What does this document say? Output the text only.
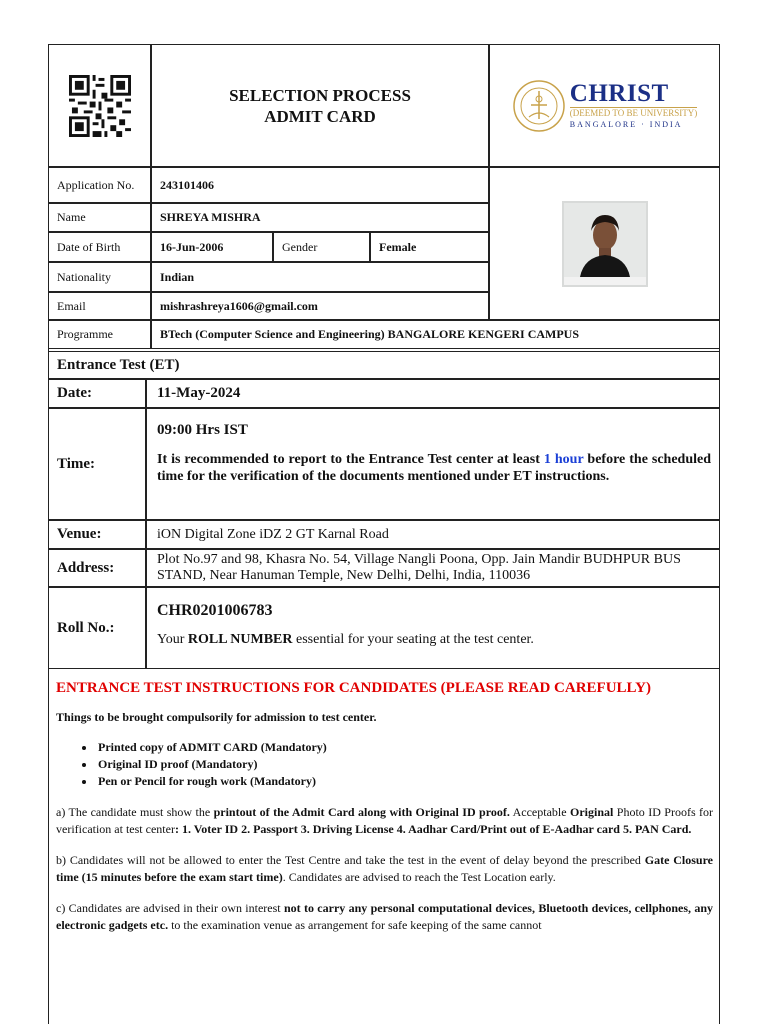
SELECTION PROCESS ADMIT CARD
CHRIST
(DEEMED TO BE UNIVERSITY)
BANGALORE · INDIA
Application No.	243101406
Name	SHREYA MISHRA
Date of Birth	16-Jun-2006	Gender	Female
Nationality	Indian
Email	mishrashreya1606@gmail.com
Programme	BTech (Computer Science and Engineering) BANGALORE KENGERI CAMPUS
Entrance Test (ET)
Date:	11-May-2024
Time:

09:00 Hrs IST

It is recommended to report to the Entrance Test center at least 1 hour before the scheduled time for the verification of the documents mentioned under ET instructions.

Venue:	iON Digital Zone iDZ 2 GT Karnal Road
Address:	Plot No.97 and 98, Khasra No. 54, Village Nangli Poona, Opp. Jain Mandir BUDHPUR BUS STAND, Near Hanuman Temple, New Delhi, Delhi, India, 110036

Roll No.:

CHR0201006783

Your ROLL NUMBER essential for your seating at the test center.

ENTRANCE TEST INSTRUCTIONS FOR CANDIDATES (PLEASE READ CAREFULLY)

Things to be brought compulsorily for admission to test center.

• Printed copy of ADMIT CARD (Mandatory)
• Original ID proof (Mandatory)
• Pen or Pencil for rough work (Mandatory)

a) The candidate must show the printout of the Admit Card along with Original ID proof. Acceptable Original Photo ID Proofs for verification at test center: 1. Voter ID 2. Passport 3. Driving License 4. Aadhar Card/Print out of E-Aadhar card 5. PAN Card.

b) Candidates will not be allowed to enter the Test Centre and take the test in the event of delay beyond the prescribed Gate Closure time (15 minutes before the exam start time). Candidates are advised to reach the Test Location early.

c) Candidates are advised in their own interest not to carry any personal computational devices, Bluetooth devices, cellphones, any electronic gadgets etc. to the examination venue as arrangement for safe keeping of the same cannot
